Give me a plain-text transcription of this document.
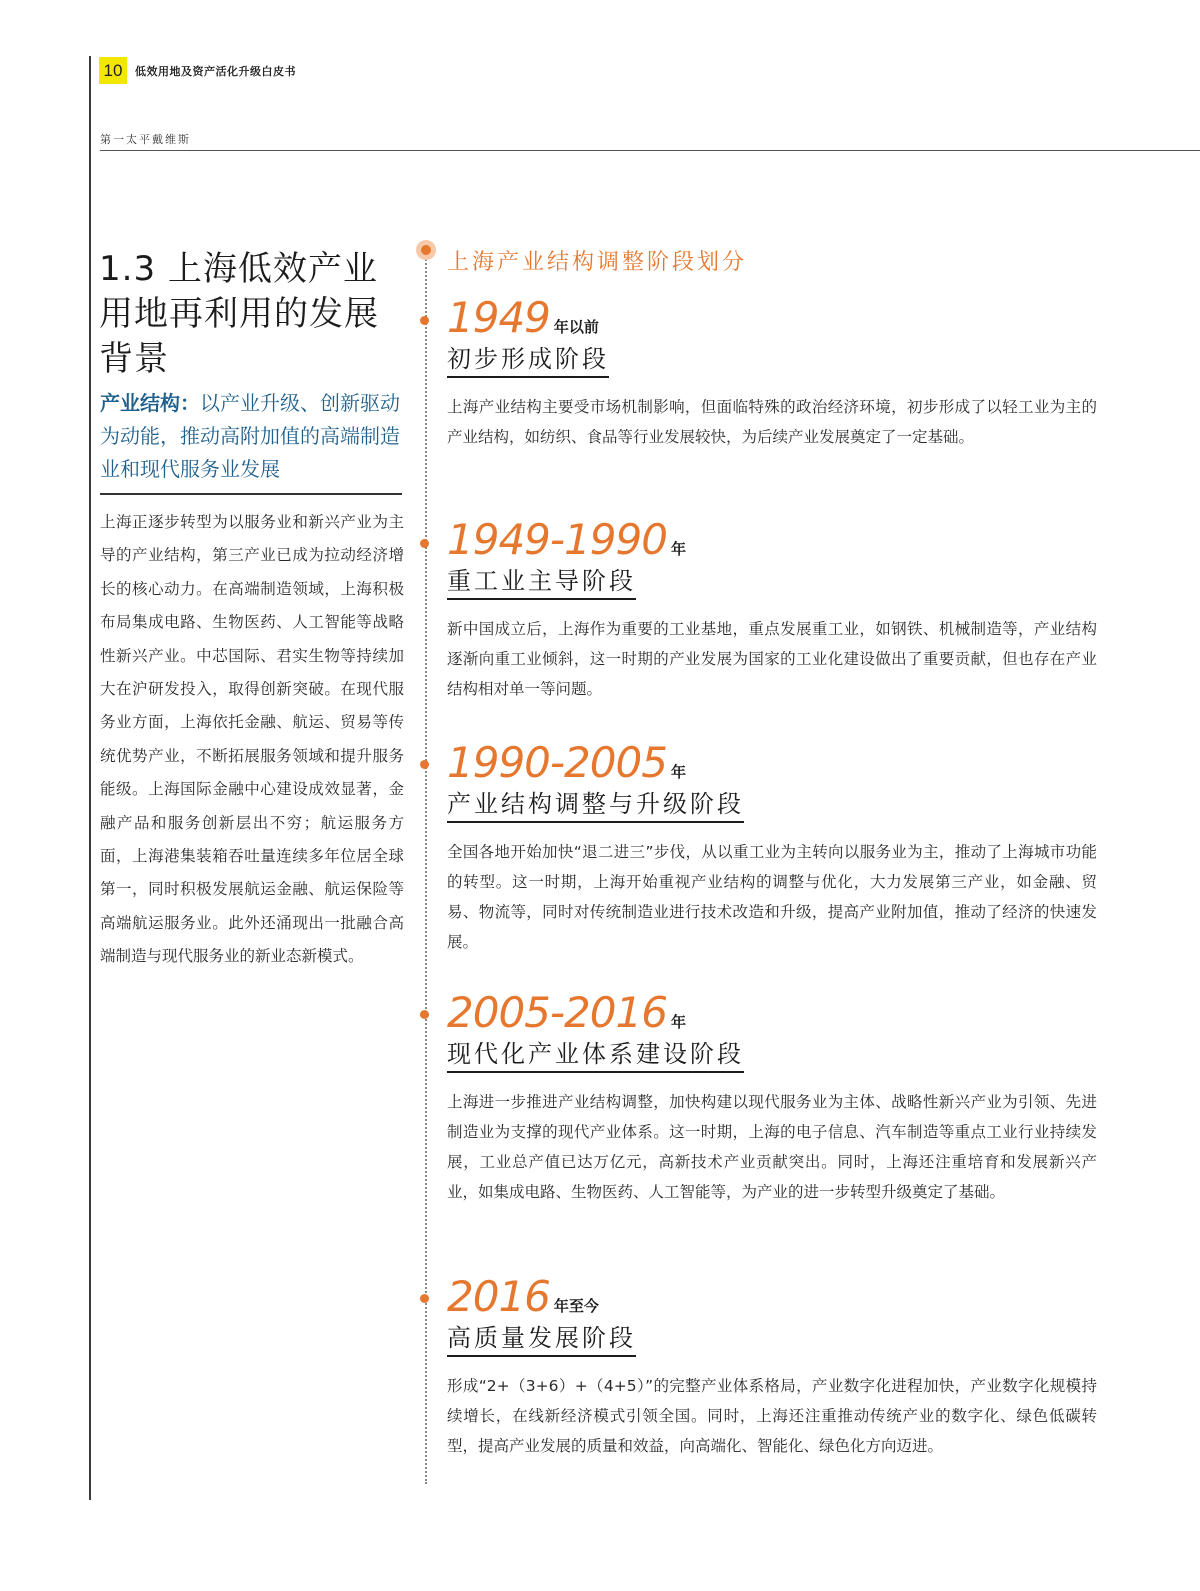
10	低效用地及资产活化升级白皮书
第一太平戴维斯
1.3 上海低效产业用地再利用的发展背景
产业结构：以产业升级、创新驱动为动能，推动高附加值的高端制造业和现代服务业发展
上海正逐步转型为以服务业和新兴产业为主导的产业结构，第三产业已成为拉动经济增长的核心动力。在高端制造领域，上海积极布局集成电路、生物医药、人工智能等战略性新兴产业。中芯国际、君实生物等持续加大在沪研发投入，取得创新突破。在现代服务业方面，上海依托金融、航运、贸易等传统优势产业，不断拓展服务领域和提升服务能级。上海国际金融中心建设成效显著，金融产品和服务创新层出不穷；航运服务方面，上海港集装箱吞吐量连续多年位居全球第一，同时积极发展航运金融、航运保险等高端航运服务业。此外还涌现出一批融合高端制造与现代服务业的新业态新模式。
上海产业结构调整阶段划分
1949 年以前
初步形成阶段
上海产业结构主要受市场机制影响，但面临特殊的政治经济环境，初步形成了以轻工业为主的产业结构，如纺织、食品等行业发展较快，为后续产业发展奠定了一定基础。
1949-1990 年
重工业主导阶段
新中国成立后，上海作为重要的工业基地，重点发展重工业，如钢铁、机械制造等，产业结构逐渐向重工业倾斜，这一时期的产业发展为国家的工业化建设做出了重要贡献，但也存在产业结构相对单一等问题。
1990-2005 年
产业结构调整与升级阶段
全国各地开始加快“退二进三”步伐，从以重工业为主转向以服务业为主，推动了上海城市功能的转型。这一时期，上海开始重视产业结构的调整与优化，大力发展第三产业，如金融、贸易、物流等，同时对传统制造业进行技术改造和升级，提高产业附加值，推动了经济的快速发展。
2005-2016 年
现代化产业体系建设阶段
上海进一步推进产业结构调整，加快构建以现代服务业为主体、战略性新兴产业为引领、先进制造业为支撑的现代产业体系。这一时期，上海的电子信息、汽车制造等重点工业行业持续发展，工业总产值已达万亿元，高新技术产业贡献突出。同时，上海还注重培育和发展新兴产业，如集成电路、生物医药、人工智能等，为产业的进一步转型升级奠定了基础。
2016 年至今
高质量发展阶段
形成“2+（3+6）+（4+5）”的完整产业体系格局，产业数字化进程加快，产业数字化规模持续增长，在线新经济模式引领全国。同时，上海还注重推动传统产业的数字化、绿色低碳转型，提高产业发展的质量和效益，向高端化、智能化、绿色化方向迈进。
